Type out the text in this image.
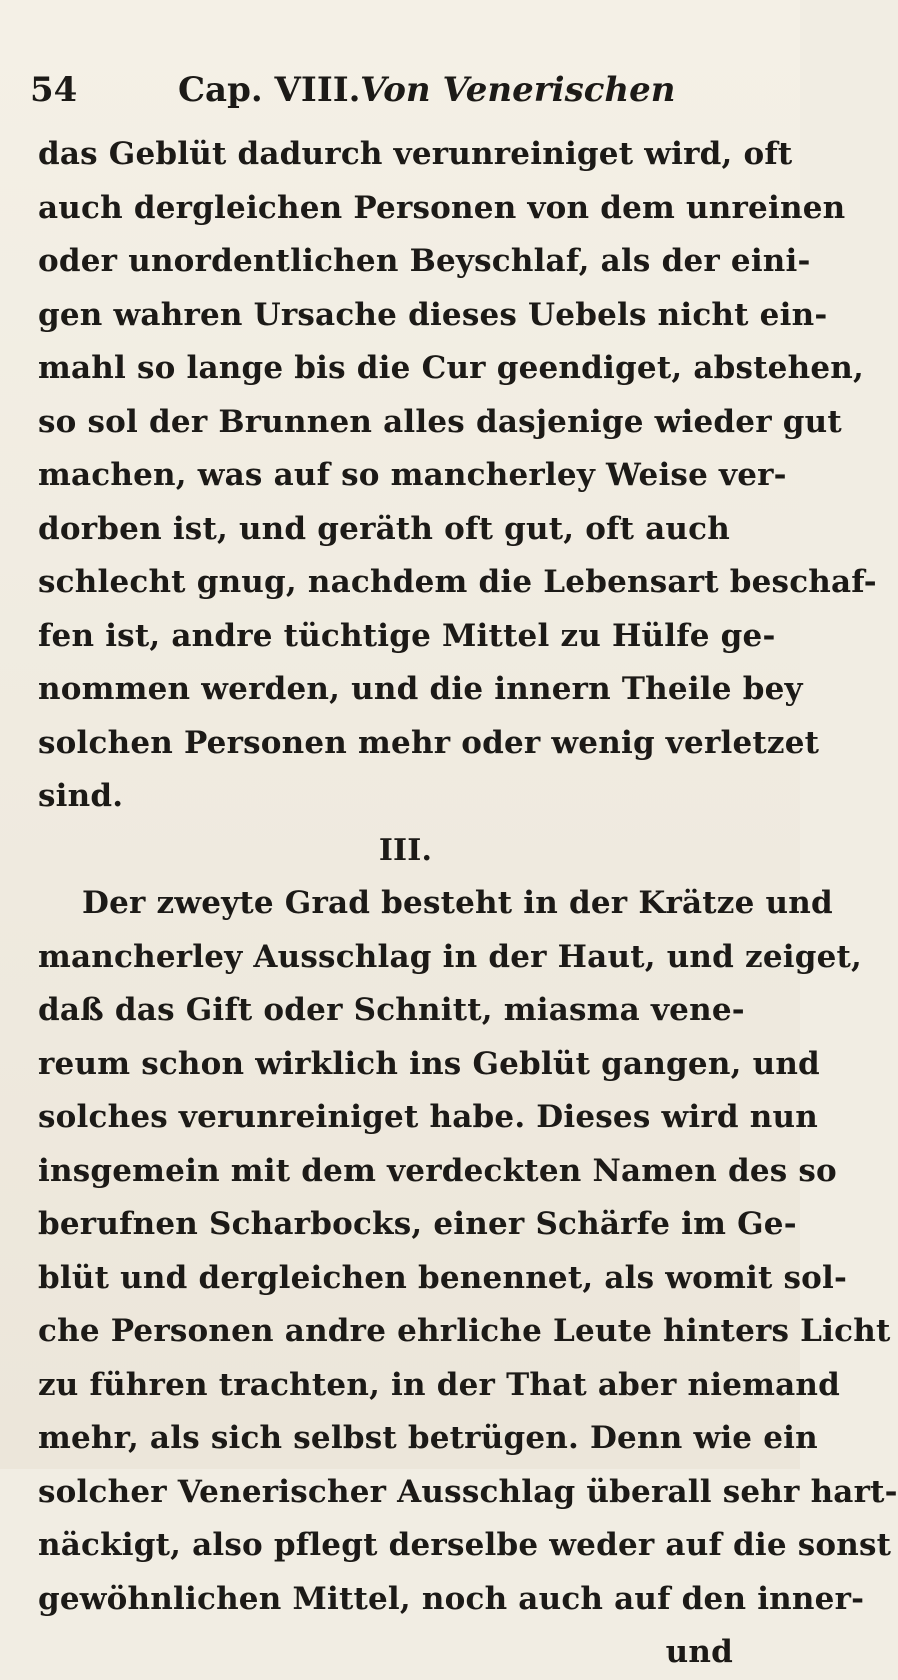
54	Cap. VIII. Von Venerischen
das Geblüt dadurch verunreiniget wird, oft
auch dergleichen Personen von dem unreinen
oder unordentlichen Beyschlaf, als der eini-
gen wahren Ursache dieses Uebels nicht ein-
mahl so lange bis die Cur geendiget, abstehen,
so sol der Brunnen alles dasjenige wieder gut
machen, was auf so mancherley Weise ver-
dorben ist, und geräth oft gut, oft auch
schlecht gnug, nachdem die Lebensart beschaf-
fen ist, andre tüchtige Mittel zu Hülfe ge-
nommen werden, und die innern Theile bey
solchen Personen mehr oder wenig verletzet
sind.
III.
Der zweyte Grad besteht in der Krätze und
mancherley Ausschlag in der Haut, und zeiget,
daß das Gift oder Schnitt, miasma vene-
reum schon wirklich ins Geblüt gangen, und
solches verunreiniget habe. Dieses wird nun
insgemein mit dem verdeckten Namen des so
berufnen Scharbocks, einer Schärfe im Ge-
blüt und dergleichen benennet, als womit sol-
che Personen andre ehrliche Leute hinters Licht
zu führen trachten, in der That aber niemand
mehr, als sich selbst betrügen. Denn wie ein
solcher Venerischer Ausschlag überall sehr hart-
näckigt, also pflegt derselbe weder auf die sonst
gewöhnlichen Mittel, noch auch auf den inner-
und
